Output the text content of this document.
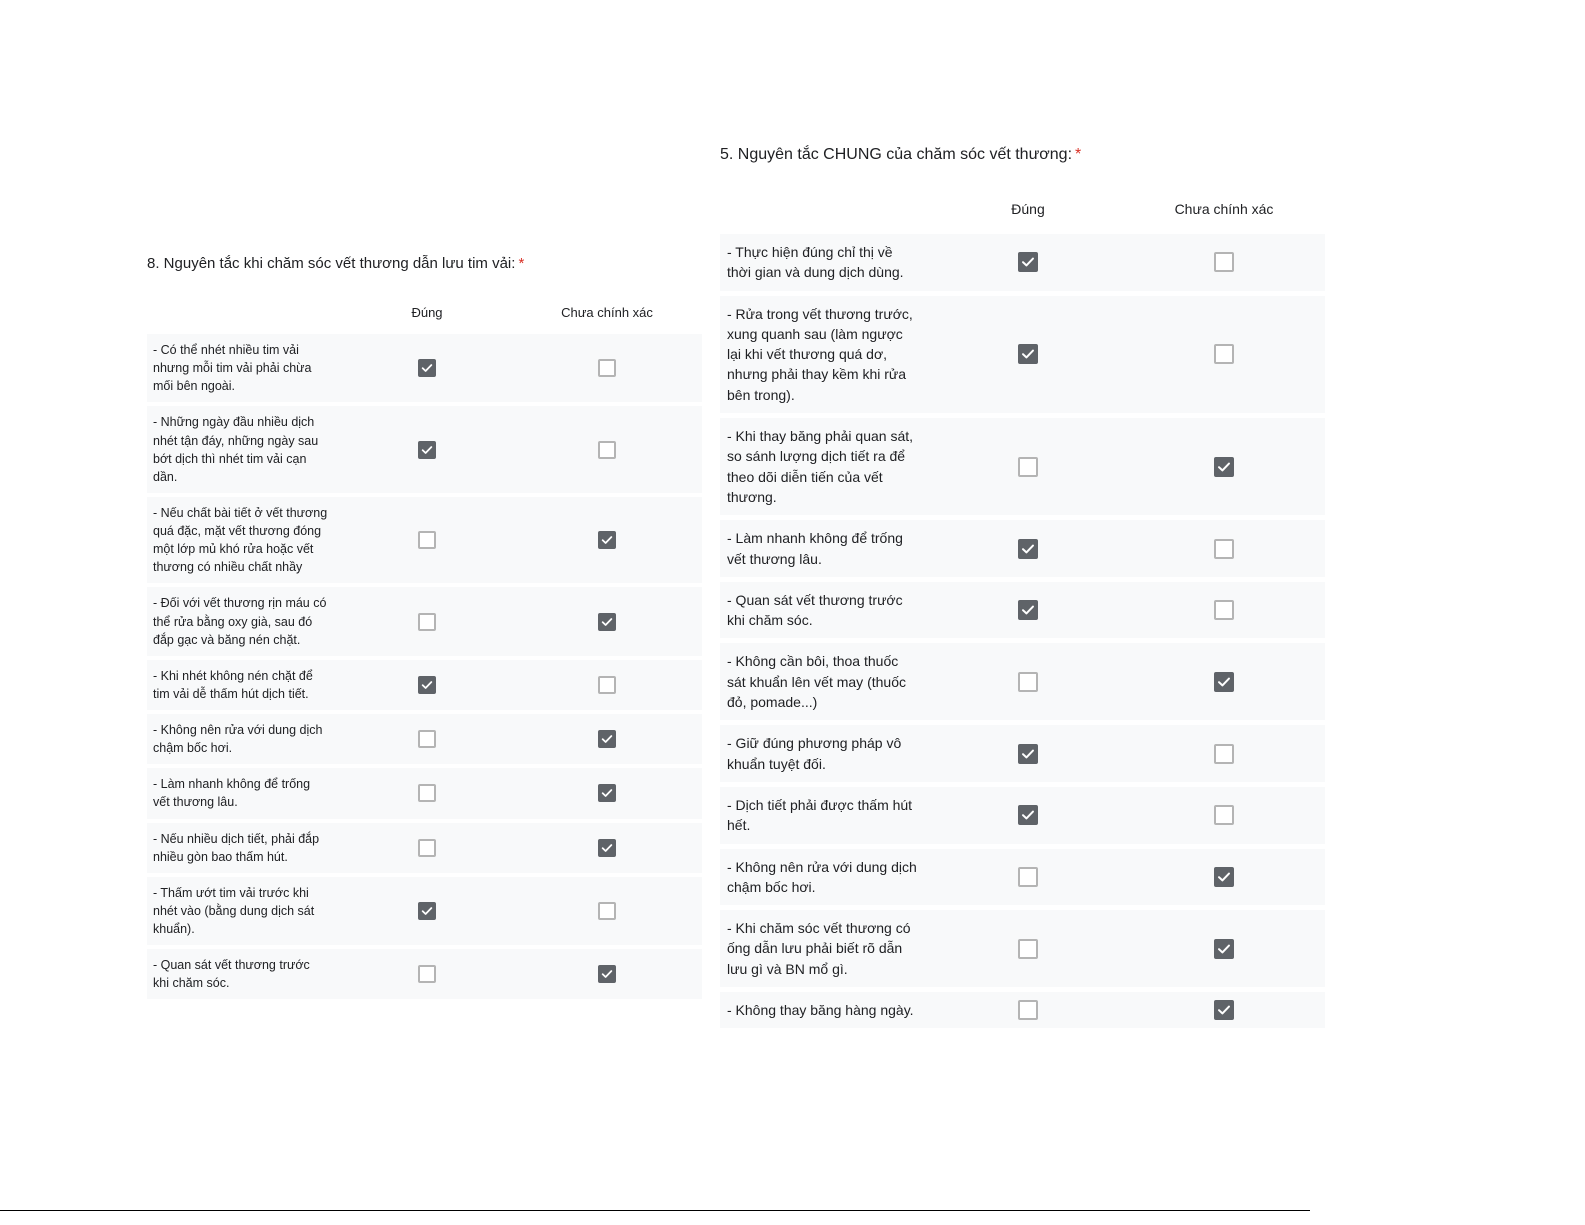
8. Nguyên tắc khi chăm sóc vết thương dẫn lưu tim vải: *
Đúng	Chưa chính xác
- Có thể nhét nhiều tim vải nhưng mỗi tim vải phải chừa mối bên ngoài.
- Những ngày đầu nhiều dịch nhét tận đáy, những ngày sau bớt dịch thì nhét tim vải cạn dần.
- Nếu chất bài tiết ở vết thương quá đặc, mặt vết thương đóng một lớp mủ khó rửa hoặc vết thương có nhiều chất nhầy
- Đối với vết thương rịn máu có thể rửa bằng oxy già, sau đó đắp gạc và băng nén chặt.
- Khi nhét không nén chặt để tim vải dễ thấm hút dịch tiết.
- Không nên rửa với dung dịch chậm bốc hơi.
- Làm nhanh không để trống vết thương lâu.
- Nếu nhiều dịch tiết, phải đắp nhiều gòn bao thấm hút.
- Thấm ướt tim vải trước khi nhét vào (bằng dung dịch sát khuẩn).
- Quan sát vết thương trước khi chăm sóc.
5. Nguyên tắc CHUNG của chăm sóc vết thương: *
Đúng	Chưa chính xác
- Thực hiện đúng chỉ thị về thời gian và dung dịch dùng.
- Rửa trong vết thương trước, xung quanh sau (làm ngược lại khi vết thương quá dơ, nhưng phải thay kềm khi rửa bên trong).
- Khi thay băng phải quan sát, so sánh lượng dịch tiết ra để theo dõi diễn tiến của vết thương.
- Làm nhanh không để trống vết thương lâu.
- Quan sát vết thương trước khi chăm sóc.
- Không cần bôi, thoa thuốc sát khuẩn lên vết may (thuốc đỏ, pomade...)
- Giữ đúng phương pháp vô khuẩn tuyệt đối.
- Dịch tiết phải được thấm hút hết.
- Không nên rửa với dung dịch chậm bốc hơi.
- Khi chăm sóc vết thương có ống dẫn lưu phải biết rõ dẫn lưu gì và BN mổ gì.
- Không thay băng hàng ngày.
